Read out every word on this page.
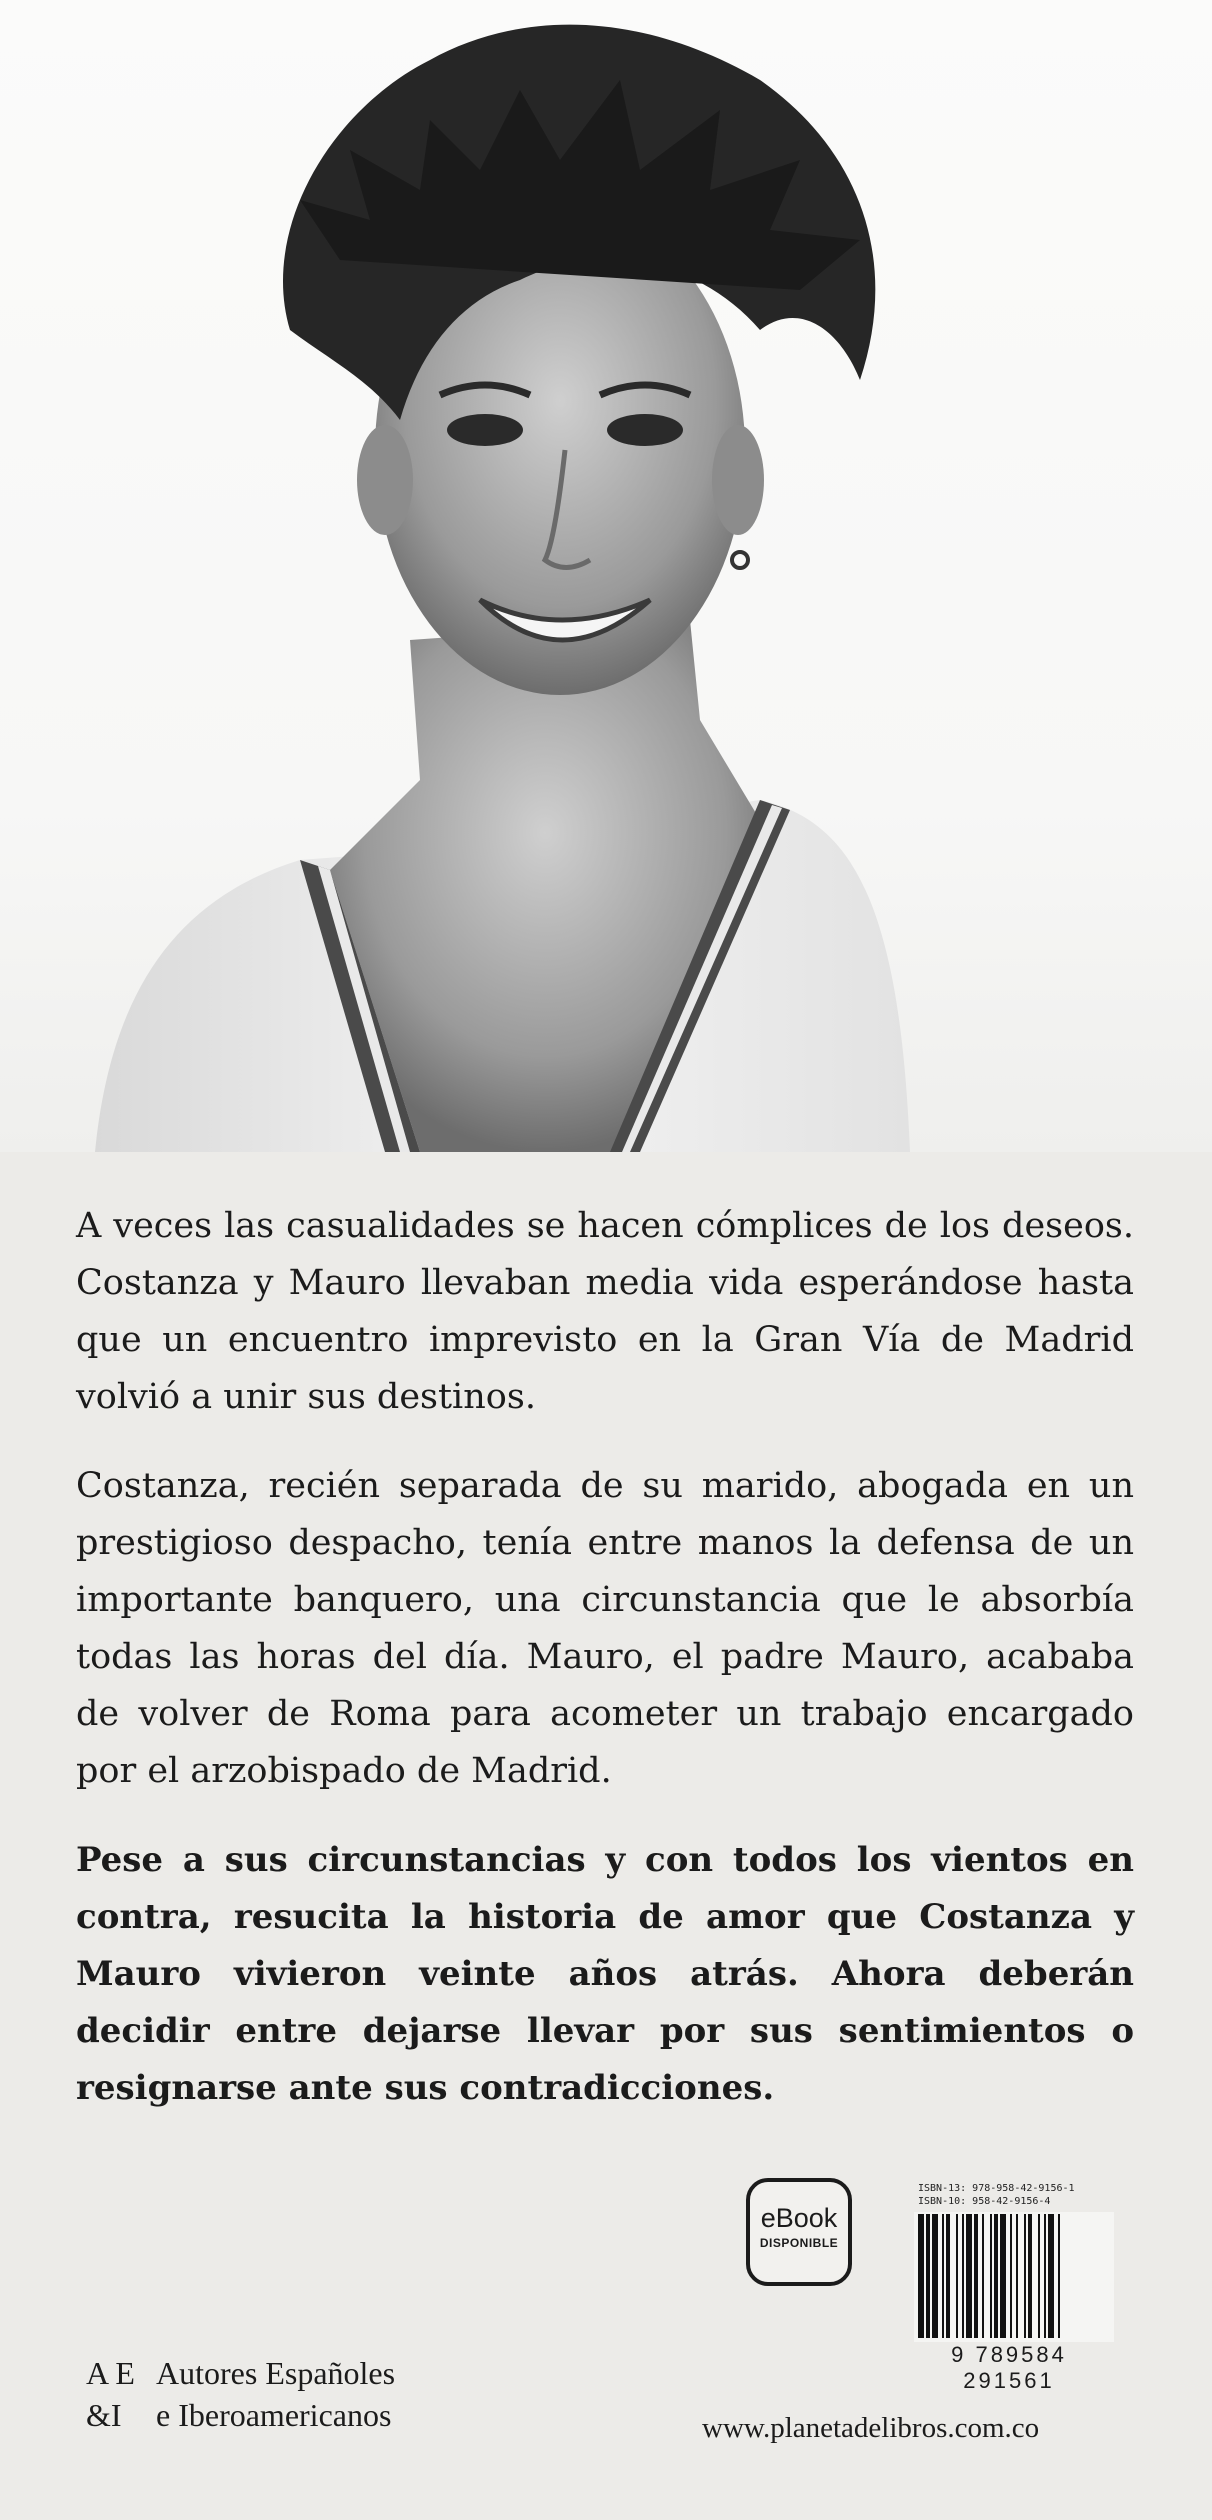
A veces las casualidades se hacen cómplices de los deseos. Costanza y Mauro llevaban media vida esperándose hasta que un encuentro imprevisto en la Gran Vía de Madrid volvió a unir sus destinos.

Costanza, recién separada de su marido, abogada en un prestigioso despacho, tenía entre manos la defensa de un importante banquero, una circunstancia que le absorbía todas las horas del día. Mauro, el padre Mauro, acababa de volver de Roma para acometer un trabajo encargado por el arzobispado de Madrid.

Pese a sus circunstancias y con todos los vientos en contra, resucita la historia de amor que Costanza y Mauro vivieron veinte años atrás. Ahora deberán decidir entre dejarse llevar por sus sentimientos o resignarse ante sus contradicciones.

eBook
DISPONIBLE
ISBN-13: 978-958-42-9156-1
ISBN-10: 958-42-9156-4
9 789584 291561
A E Autores Españoles
&I	e Iberoamericanos	www.planetadelibros.com.co
